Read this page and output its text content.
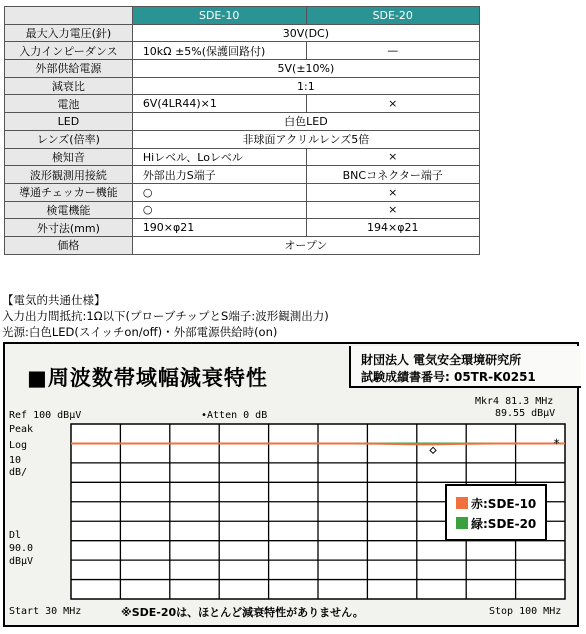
	SDE-10	SDE-20
最大入力電圧(針)	30V(DC)	
入力インピーダンス	10kΩ ±5%(保護回路付)	—
外部供給電源	5V(±10%)	
減衰比	1:1	
電池	6V(4LR44)×1	×
LED	白色LED	
レンズ(倍率)	非球面アクリルレンズ5倍	
検知音	Hiレベル、Loレベル	×
波形観測用接続	外部出力S端子	BNCコネクター端子
導通チェッカー機能	○	×
検電機能	○	×
外寸法(mm)	190×φ21	194×φ21
価格	オープン	
【電気的共通仕様】
入力出力間抵抗:1Ω以下(プローブチップとS端子:波形観測出力)
光源:白色LED(スイッチon/off)・外部電源供給時(on)
■周波数帯域幅減衰特性
財団法人 電気安全環境研究所
試験成績書番号: 05TR-K0251
Ref 100 dBμV	•Atten 0 dB
Mkr4 81.3 MHz
89.55 dBμV
Peak
Log
10
dB/
Dl
90.0
dBμV
*
赤:SDE-10
緑:SDE-20
Start 30 MHz	Stop 100 MHz
※SDE-20は、ほとんど減衰特性がありません。
